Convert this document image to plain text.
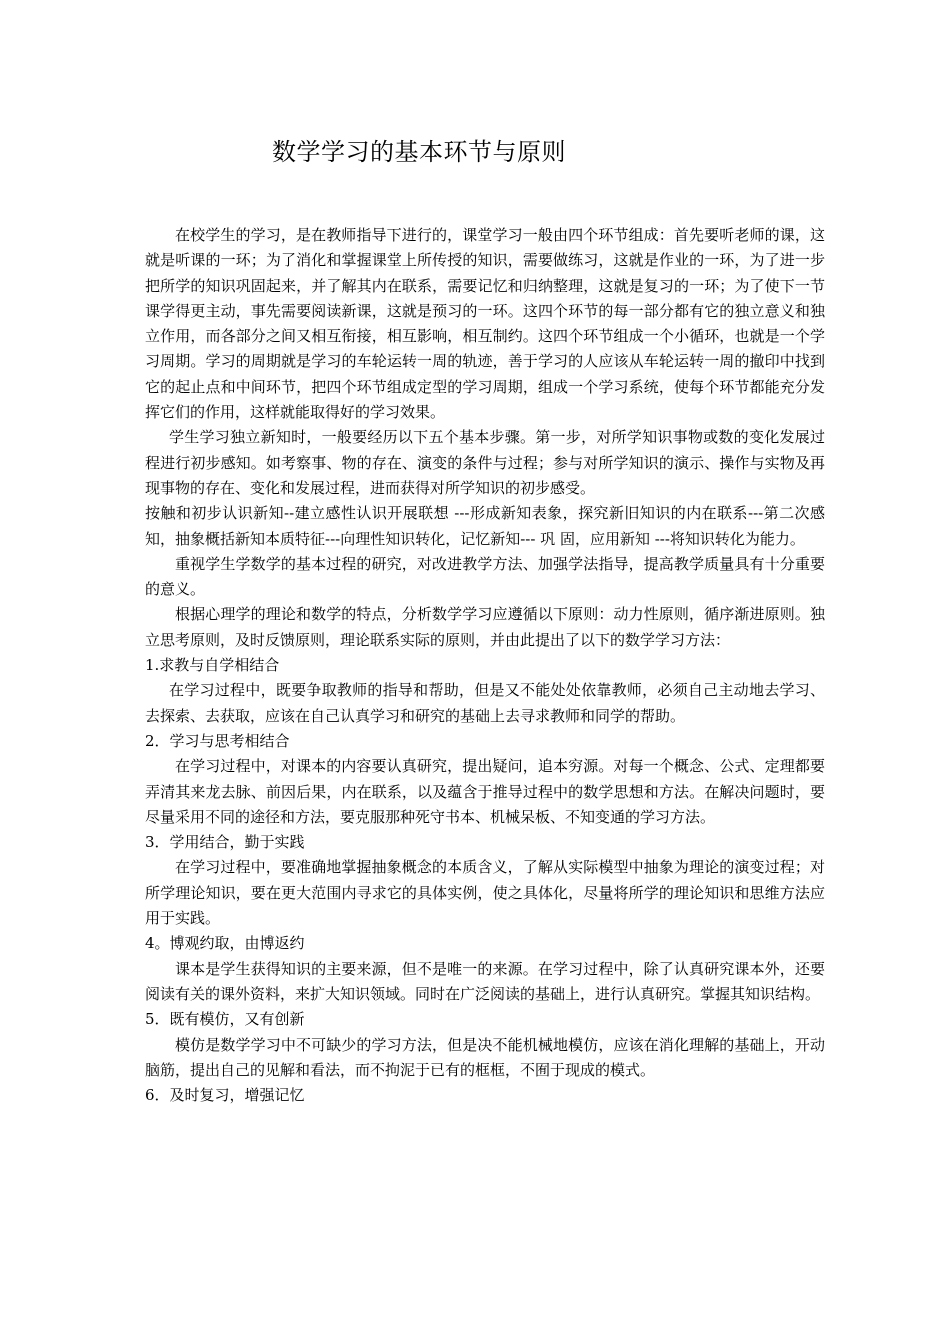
数学学习的基本环节与原则

在校学生的学习，是在教师指导下进行的，课堂学习一般由四个环节组成：首先要听老师的课，这就是听课的一环；为了消化和掌握课堂上所传授的知识，需要做练习，这就是作业的一环，为了进一步把所学的知识巩固起来，并了解其内在联系，需要记忆和归纳整理，这就是复习的一环；为了使下一节课学得更主动，事先需要阅读新课，这就是预习的一环。这四个环节的每一部分都有它的独立意义和独立作用，而各部分之间又相互衔接，相互影响，相互制约。这四个环节组成一个小循环，也就是一个学习周期。学习的周期就是学习的车轮运转一周的轨迹，善于学习的人应该从车轮运转一周的撤印中找到它的起止点和中间环节，把四个环节组成定型的学习周期，组成一个学习系统，使每个环节都能充分发挥它们的作用，这样就能取得好的学习效果。

学生学习独立新知时，一般要经历以下五个基本步骤。第一步，对所学知识事物或数的变化发展过程进行初步感知。如考察事、物的存在、演变的条件与过程；参与对所学知识的演示、操作与实物及再现事物的存在、变化和发展过程，进而获得对所学知识的初步感受。

按触和初步认识新知--建立感性认识开展联想 ---形成新知表象，探究新旧知识的内在联系---第二次感知，抽象概括新知本质特征---向理性知识转化，记忆新知--- 巩 固，应用新知 ---将知识转化为能力。

重视学生学数学的基本过程的研究，对改进教学方法、加强学法指导，提高教学质量具有十分重要的意义。

根据心理学的理论和数学的特点，分析数学学习应遵循以下原则：动力性原则，循序渐进原则。独立思考原则，及时反馈原则，理论联系实际的原则，并由此提出了以下的数学学习方法：

1.求教与自学相结合

在学习过程中，既要争取教师的指导和帮助，但是又不能处处依靠教师，必须自己主动地去学习、去探索、去获取，应该在自己认真学习和研究的基础上去寻求教师和同学的帮助。

2．学习与思考相结合

在学习过程中，对课本的内容要认真研究，提出疑问，追本穷源。对每一个概念、公式、定理都要弄清其来龙去脉、前因后果，内在联系，以及蕴含于推导过程中的数学思想和方法。在解决问题时，要尽量采用不同的途径和方法，要克服那种死守书本、机械呆板、不知变通的学习方法。

3．学用结合，勤于实践

在学习过程中，要准确地掌握抽象概念的本质含义，了解从实际模型中抽象为理论的演变过程；对所学理论知识，要在更大范围内寻求它的具体实例，使之具体化，尽量将所学的理论知识和思维方法应用于实践。

4。博观约取，由博返约

课本是学生获得知识的主要来源，但不是唯一的来源。在学习过程中，除了认真研究课本外，还要阅读有关的课外资料，来扩大知识领域。同时在广泛阅读的基础上，进行认真研究。掌握其知识结构。

5．既有模仿，又有创新

模仿是数学学习中不可缺少的学习方法，但是决不能机械地模仿，应该在消化理解的基础上，开动脑筋，提出自己的见解和看法，而不拘泥于已有的框框，不囿于现成的模式。

6．及时复习，增强记忆
